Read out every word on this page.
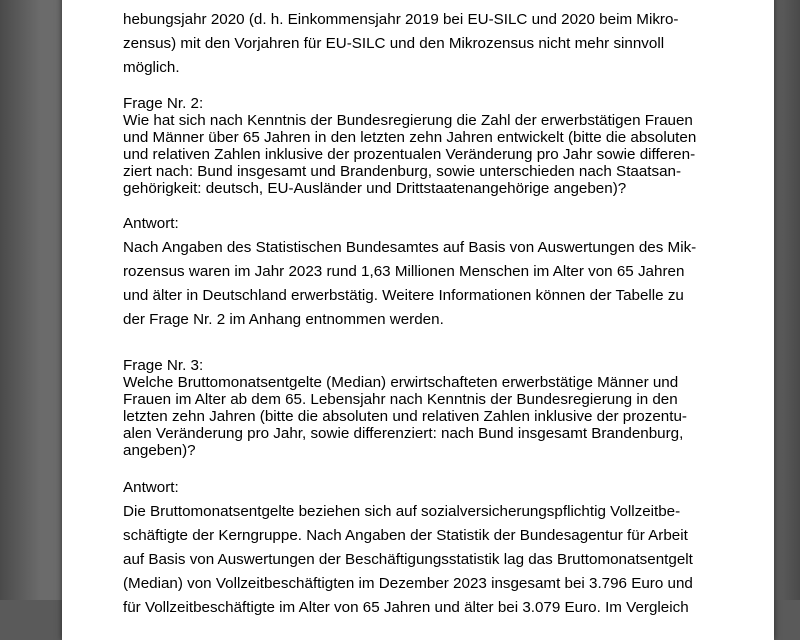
hebungsjahr 2020 (d. h. Einkommensjahr 2019 bei EU-SILC und 2020 beim Mikro-
zensus) mit den Vorjahren für EU-SILC und den Mikrozensus nicht mehr sinnvoll
möglich.
Frage Nr. 2:
Wie hat sich nach Kenntnis der Bundesregierung die Zahl der erwerbstätigen Frauen
und Männer über 65 Jahren in den letzten zehn Jahren entwickelt (bitte die absoluten
und relativen Zahlen inklusive der prozentualen Veränderung pro Jahr sowie differen-
ziert nach: Bund insgesamt und Brandenburg, sowie unterschieden nach Staatsan-
gehörigkeit: deutsch, EU-Ausländer und Drittstaatenangehörige angeben)?
Antwort:
Nach Angaben des Statistischen Bundesamtes auf Basis von Auswertungen des Mik-
rozensus waren im Jahr 2023 rund 1,63 Millionen Menschen im Alter von 65 Jahren
und älter in Deutschland erwerbstätig. Weitere Informationen können der Tabelle zu
der Frage Nr. 2 im Anhang entnommen werden.
Frage Nr. 3:
Welche Bruttomonatsentgelte (Median) erwirtschafteten erwerbstätige Männer und
Frauen im Alter ab dem 65. Lebensjahr nach Kenntnis der Bundesregierung in den
letzten zehn Jahren (bitte die absoluten und relativen Zahlen inklusive der prozentu-
alen Veränderung pro Jahr, sowie differenziert: nach Bund insgesamt Brandenburg,
angeben)?
Antwort:
Die Bruttomonatsentgelte beziehen sich auf sozialversicherungspflichtig Vollzeitbe-
schäftigte der Kerngruppe. Nach Angaben der Statistik der Bundesagentur für Arbeit
auf Basis von Auswertungen der Beschäftigungsstatistik lag das Bruttomonatsentgelt
(Median) von Vollzeitbeschäftigten im Dezember 2023 insgesamt bei 3.796 Euro und
für Vollzeitbeschäftigte im Alter von 65 Jahren und älter bei 3.079 Euro. Im Vergleich
